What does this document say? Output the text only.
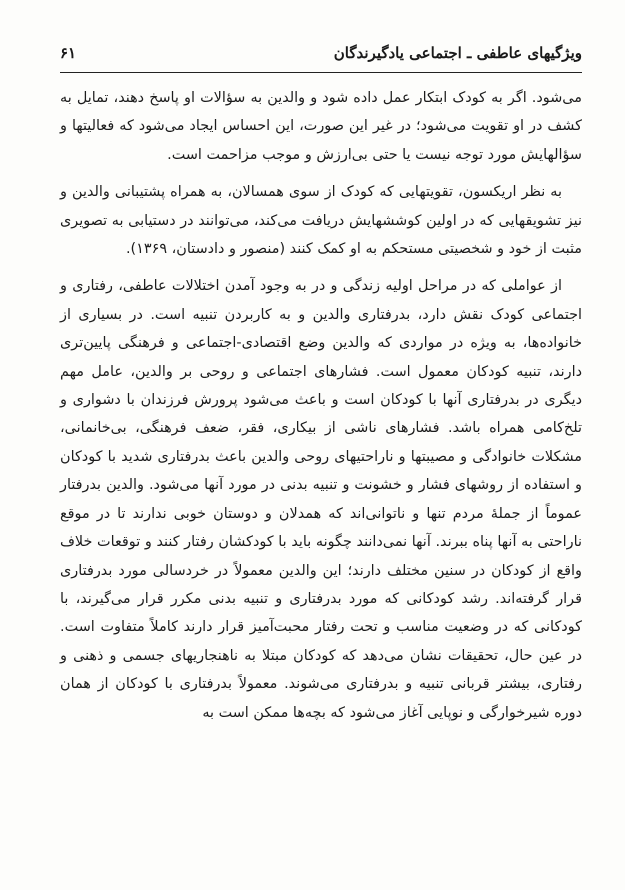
ویژگیهای عاطفی ـ اجتماعی یادگیرندگان
۶۱

می‌شود. اگر به کودک ابتکار عمل داده شود و والدین به سؤالات او پاسخ دهند، تمایل به کشف در او تقویت می‌شود؛ در غیر این صورت، این احساس ایجاد می‌شود که فعالیتها و سؤالهایش مورد توجه نیست یا حتی بی‌ارزش و موجب مزاحمت است.

به نظر اریکسون، تقویتهایی که کودک از سوی همسالان، به همراه پشتیبانی والدین و نیز تشویقهایی که در اولین کوششهایش دریافت می‌کند، می‌توانند در دستیابی به تصویری مثبت از خود و شخصیتی مستحکم به او کمک کنند (منصور و دادستان، ۱۳۶۹).

از عواملی که در مراحل اولیه زندگی و در به وجود آمدن اختلالات عاطفی، رفتاری و اجتماعی کودک نقش دارد، بدرفتاری والدین و به کاربردن تنبیه است. در بسیاری از خانواده‌ها، به ویژه در مواردی که والدین وضع اقتصادی-اجتماعی و فرهنگی پایین‌تری دارند، تنبیه کودکان معمول است. فشارهای اجتماعی و روحی بر والدین، عامل مهم دیگری در بدرفتاری آنها با کودکان است و باعث می‌شود پرورش فرزندان با دشواری و تلخ‌کامی همراه باشد. فشارهای ناشی از بیکاری، فقر، ضعف فرهنگی، بی‌خانمانی، مشکلات خانوادگی و مصیبتها و ناراحتیهای روحی والدین باعث بدرفتاری شدید با کودکان و استفاده از روشهای فشار و خشونت و تنبیه بدنی در مورد آنها می‌شود. والدین بدرفتار عموماً از جملهٔ مردم تنها و ناتوانی‌اند که همدلان و دوستان خوبی ندارند تا در موقع ناراحتی به آنها پناه ببرند. آنها نمی‌دانند چگونه باید با کودکشان رفتار کنند و توقعات خلاف واقع از کودکان در سنین مختلف دارند؛ این والدین معمولاً در خردسالی مورد بدرفتاری قرار گرفته‌اند. رشد کودکانی که مورد بدرفتاری و تنبیه بدنی مکرر قرار می‌گیرند، با کودکانی که در وضعیت مناسب و تحت رفتار محبت‌آمیز قرار دارند کاملاً متفاوت است. در عین حال، تحقیقات نشان می‌دهد که کودکان مبتلا به ناهنجاریهای جسمی و ذهنی و رفتاری، بیشتر قربانی تنبیه و بدرفتاری می‌شوند. معمولاً بدرفتاری با کودکان از همان دوره شیرخوارگی و نوپایی آغاز می‌شود که بچه‌ها ممکن است به
